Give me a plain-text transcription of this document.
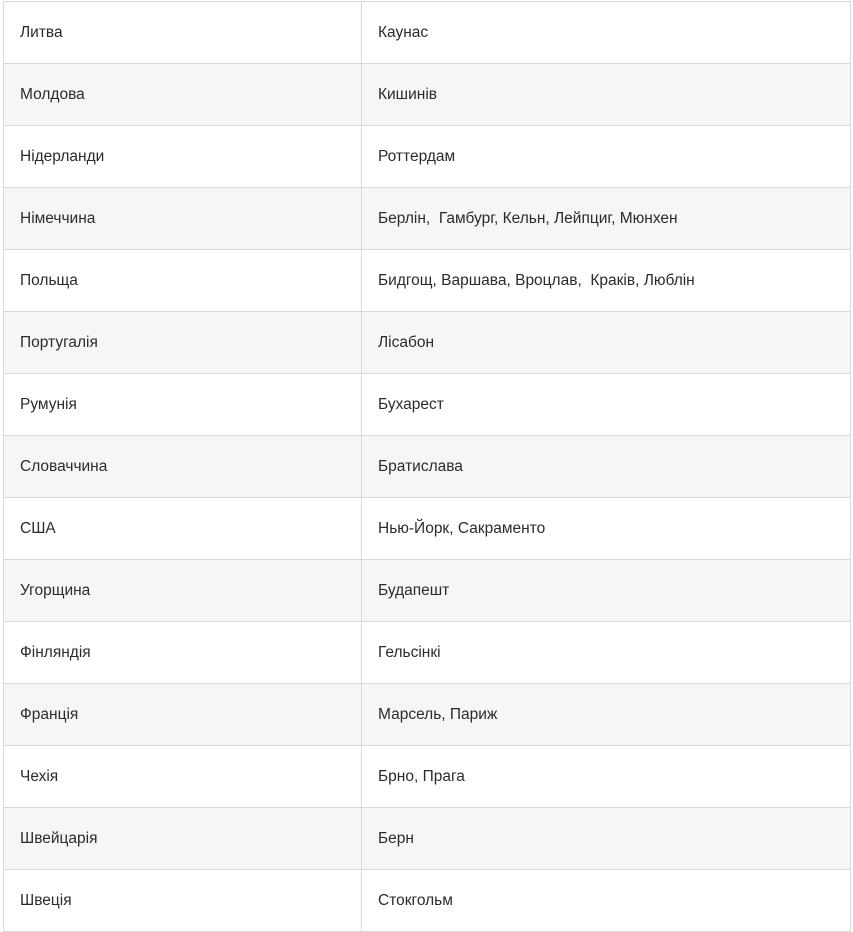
Литва	Каунас
Молдова	Кишинів
Нідерланди	Роттердам
Німеччина	Берлін,  Гамбург, Кельн, Лейпциг, Мюнхен
Польща	Бидгощ, Варшава, Вроцлав,  Краків, Люблін
Португалія	Лісабон
Румунія	Бухарест
Словаччина	Братислава
США	Нью-Йорк, Сакраменто
Угорщина	Будапешт
Фінляндія	Гельсінкі
Франція	Марсель, Париж
Чехія	Брно, Прага
Швейцарія	Берн
Швеція	Стокгольм
